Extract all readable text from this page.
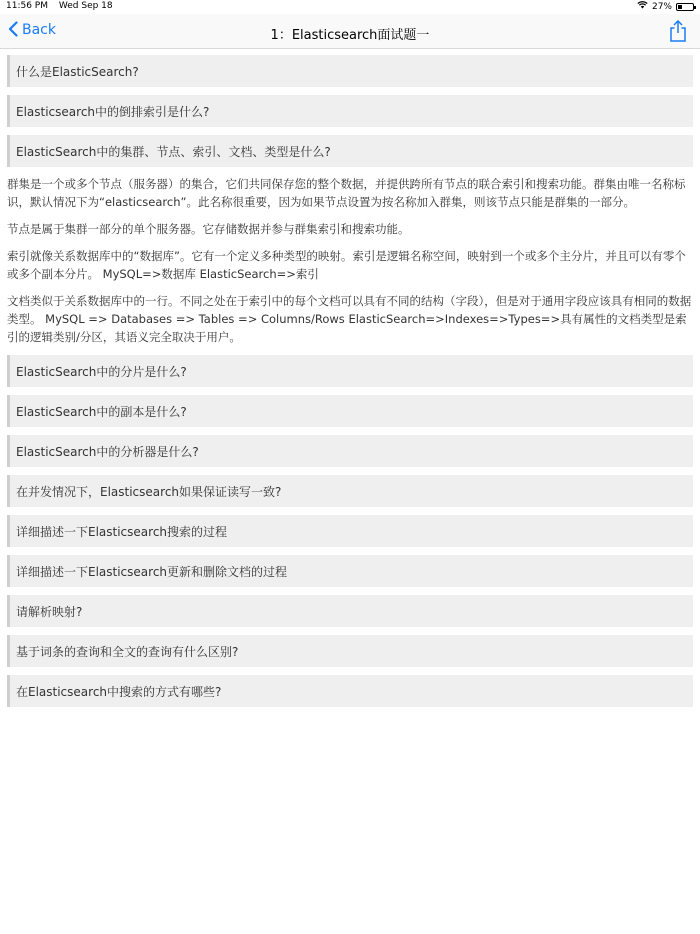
11:56 PM Wed Sep 18	27%
Back	1：Elasticsearch面试题一
什么是ElasticSearch?
Elasticsearch中的倒排索引是什么?
ElasticSearch中的集群、节点、索引、文档、类型是什么?

群集是一个或多个节点（服务器）的集合，它们共同保存您的整个数据，并提供跨所有节点的联合索引和搜索功能。群集由唯一名称标识，默认情况下为“elasticsearch”。此名称很重要，因为如果节点设置为按名称加入群集，则该节点只能是群集的一部分。

节点是属于集群一部分的单个服务器。它存储数据并参与群集索引和搜索功能。

索引就像关系数据库中的“数据库”。它有一个定义多种类型的映射。索引是逻辑名称空间，映射到一个或多个主分片，并且可以有零个或多个副本分片。 MySQL=>数据库 ElasticSearch=>索引

文档类似于关系数据库中的一行。不同之处在于索引中的每个文档可以具有不同的结构（字段），但是对于通用字段应该具有相同的数据类型。 MySQL => Databases => Tables => Columns/Rows ElasticSearch=>Indexes=>Types=>具有属性的文档类型是索引的逻辑类别/分区，其语义完全取决于用户。

ElasticSearch中的分片是什么?
ElasticSearch中的副本是什么?
ElasticSearch中的分析器是什么?
在并发情况下，Elasticsearch如果保证读写一致?
详细描述一下Elasticsearch搜索的过程
详细描述一下Elasticsearch更新和删除文档的过程
请解析映射?
基于词条的查询和全文的查询有什么区别?
在Elasticsearch中搜索的方式有哪些?
